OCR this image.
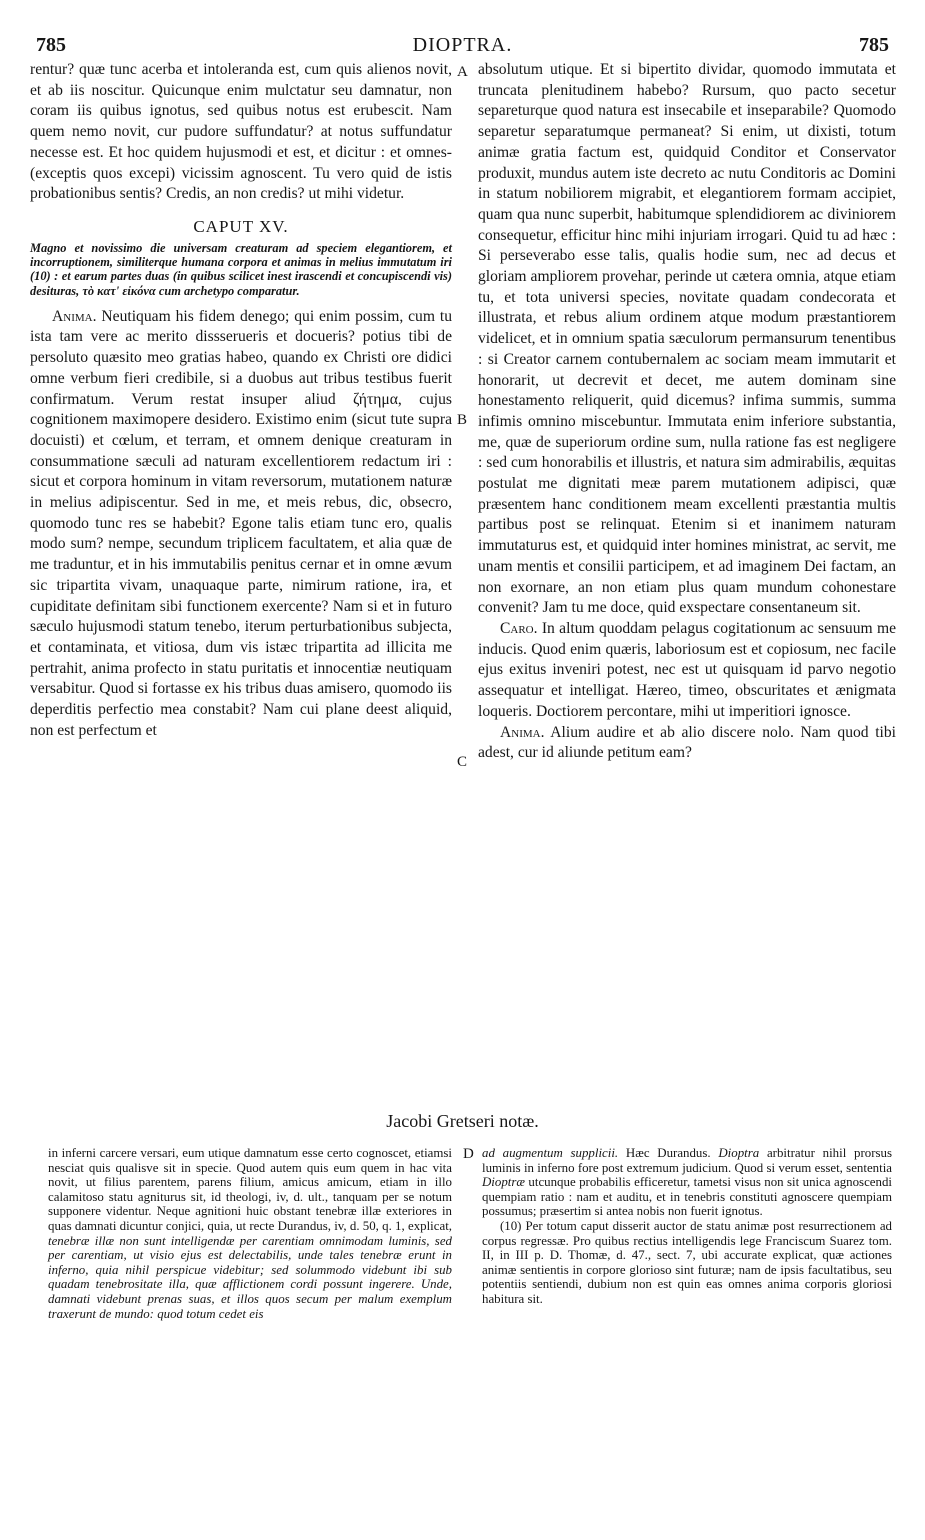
785	DIOPTRA.	785
A
B
C
D

rentur? quæ tunc acerba et intoleranda est, cum quis alienos novit, et ab iis noscitur. Quicunque enim mulctatur seu damnatur, non coram iis quibus ignotus, sed quibus notus est erubescit. Nam quem nemo novit, cur pudore suffundatur? at notus suffundatur necesse est. Et hoc quidem hujusmodi et est, et dicitur : et omnes-(exceptis quos excepi) vicissim agnoscent. Tu vero quid de istis probationibus sentis? Credis, an non credis? ut mihi videtur.

CAPUT XV.
Magno et novissimo die universam creaturam ad speciem elegantiorem, et incorruptionem, similiterque humana corpora et animas in melius immutatum iri (10) : et earum partes duas (in quibus scilicet inest irascendi et concupiscendi vis) desituras, τὸ κατ' εἰκόνα cum archetypo comparatur.

Anima. Neutiquam his fidem denego; qui enim possim, cum tu ista tam vere ac merito dissserueris et docueris? potius tibi de persoluto quæsito meo gratias habeo, quando ex Christi ore didici omne verbum fieri credibile, si a duobus aut tribus testibus fuerit confirmatum. Verum restat insuper aliud ζήτημα, cujus cognitionem maximopere desidero. Existimo enim (sicut tute supra docuisti) et cœlum, et terram, et omnem denique creaturam in consummatione sæculi ad naturam excellentiorem redactum iri : sicut et corpora hominum in vitam reversorum, mutationem naturæ in melius adipiscentur. Sed in me, et meis rebus, dic, obsecro, quomodo tunc res se habebit? Egone talis etiam tunc ero, qualis modo sum? nempe, secundum triplicem facultatem, et alia quæ de me traduntur, et in his immutabilis penitus cernar et in omne ævum sic tripartita vivam, unaquaque parte, nimirum ratione, ira, et cupiditate definitam sibi functionem exercente? Nam si et in futuro sæculo hujusmodi statum tenebo, iterum perturbationibus subjecta, et contaminata, et vitiosa, dum vis istæc tripartita ad illicita me pertrahit, anima profecto in statu puritatis et innocentiæ neutiquam versabitur. Quod si fortasse ex his tribus duas amisero, quomodo iis deperditis perfectio mea constabit? Nam cui plane deest aliquid, non est perfectum et

absolutum utique. Et si bipertito dividar, quomodo immutata et truncata plenitudinem habebo? Rursum, quo pacto secetur separeturque quod natura est insecabile et inseparabile? Quomodo separetur separatumque permaneat? Si enim, ut dixisti, totum animæ gratia factum est, quidquid Conditor et Conservator produxit, mundus autem iste decreto ac nutu Conditoris ac Domini in statum nobiliorem migrabit, et elegantiorem formam accipiet, quam qua nunc superbit, habitumque splendidiorem ac diviniorem consequetur, efficitur hinc mihi injuriam irrogari. Quid tu ad hæc : Si perseverabo esse talis, qualis hodie sum, nec ad decus et gloriam ampliorem provehar, perinde ut cætera omnia, atque etiam tu, et tota universi species, novitate quadam condecorata et illustrata, et rebus alium ordinem atque modum præstantiorem videlicet, et in omnium spatia sæculorum permansurum tenentibus : si Creator carnem contubernalem ac sociam meam immutarit et honorarit, ut decrevit et decet, me autem dominam sine honestamento reliquerit, quid dicemus? infima summis, summa infimis omnino miscebuntur. Immutata enim inferiore substantia, me, quæ de superiorum ordine sum, nulla ratione fas est negligere : sed cum honorabilis et illustris, et natura sim admirabilis, æquitas postulat me dignitati meæ parem mutationem adipisci, quæ præsentem hanc conditionem meam excellenti præstantia multis partibus post se relinquat. Etenim si et inanimem naturam immutaturus est, et quidquid inter homines ministrat, ac servit, me unam mentis et consilii participem, et ad imaginem Dei factam, an non exornare, an non etiam plus quam mundum cohonestare convenit? Jam tu me doce, quid exspectare consentaneum sit.

Caro. In altum quoddam pelagus cogitationum ac sensuum me inducis. Quod enim quæris, laboriosum est et copiosum, nec facile ejus exitus inveniri potest, nec est ut quisquam id parvo negotio assequatur et intelligat. Hæreo, timeo, obscuritates et ænigmata loqueris. Doctiorem percontare, mihi ut imperitiori ignosce.

Anima. Alium audire et ab alio discere nolo. Nam quod tibi adest, cur id aliunde petitum eam?

Jacobi Gretseri notæ.

in inferni carcere versari, eum utique damnatum esse certo cognoscet, etiamsi nesciat quis qualisve sit in specie. Quod autem quis eum quem in hac vita novit, ut filius parentem, parens filium, amicus amicum, etiam in illo calamitoso statu agniturus sit, id theologi, iv, d. ult., tanquam per se notum supponere videntur. Neque agnitioni huic obstant tenebræ illæ exteriores in quas damnati dicuntur conjici, quia, ut recte Durandus, iv, d. 50, q. 1, explicat, tenebræ illæ non sunt intelligendæ per carentiam omnimodam luminis, sed per carentiam, ut visio ejus est delectabilis, unde tales tenebræ erunt in inferno, quia nihil perspicue videbitur; sed solummodo videbunt ibi sub quadam tenebrositate illa, quæ afflictionem cordi possunt ingerere. Unde, damnati videbunt prenas suas, et illos quos secum per malum exemplum traxerunt de mundo: quod totum cedet eis

ad augmentum supplicii. Hæc Durandus. Dioptra arbitratur nihil prorsus luminis in inferno fore post extremum judicium. Quod si verum esset, sententia Dioptræ utcunque probabilis efficeretur, tametsi visus non sit unica agnoscendi quempiam ratio : nam et auditu, et in tenebris constituti agnoscere quempiam possumus; præsertim si antea nobis non fuerit ignotus.

(10) Per totum caput disserit auctor de statu animæ post resurrectionem ad corpus regressæ. Pro quibus rectius intelligendis lege Franciscum Suarez tom. II, in III p. D. Thomæ, d. 47., sect. 7, ubi accurate explicat, quæ actiones animæ sentientis in corpore glorioso sint futuræ; nam de ipsis facultatibus, seu potentiis sentiendi, dubium non est quin eas omnes anima corporis gloriosi habitura sit.
